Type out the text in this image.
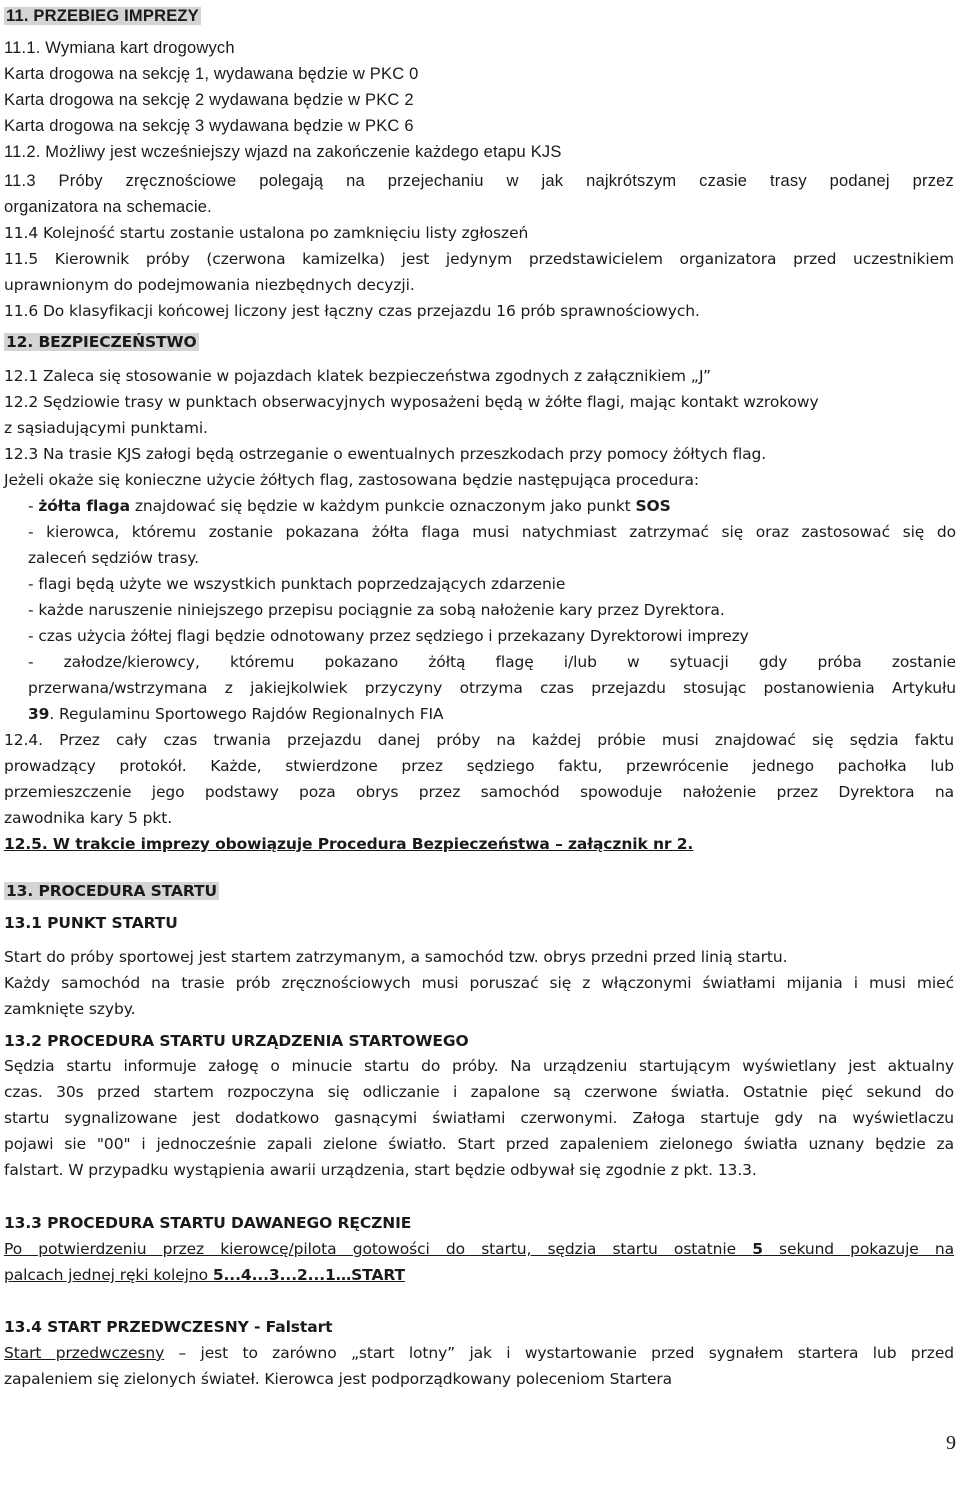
11. PRZEBIEG IMPREZY
11.1. Wymiana kart drogowych
Karta drogowa na sekcję 1, wydawana będzie w PKC 0
Karta drogowa na sekcję 2 wydawana będzie w PKC 2
Karta drogowa na sekcję 3 wydawana będzie w PKC 6
11.2. Możliwy jest wcześniejszy wjazd na zakończenie każdego etapu KJS
11.3 Próby zręcznościowe polegają na przejechaniu w jak najkrótszym czasie trasy podanej przez
organizatora na schemacie.
11.4 Kolejność startu zostanie ustalona po zamknięciu listy zgłoszeń
11.5 Kierownik próby (czerwona kamizelka) jest jedynym przedstawicielem organizatora przed uczestnikiem
uprawnionym do podejmowania niezbędnych decyzji.
11.6 Do klasyfikacji końcowej liczony jest łączny czas przejazdu 16 prób sprawnościowych.
12. BEZPIECZEŃSTWO
12.1 Zaleca się stosowanie w pojazdach klatek bezpieczeństwa zgodnych z załącznikiem „J”
12.2 Sędziowie trasy w punktach obserwacyjnych wyposażeni będą w żółte flagi, mając kontakt wzrokowy
z sąsiadującymi punktami.
12.3 Na trasie KJS załogi będą ostrzeganie o ewentualnych przeszkodach przy pomocy żółtych flag.
Jeżeli okaże się konieczne użycie żółtych flag, zastosowana będzie następująca procedura:
- żółta flaga znajdować się będzie w każdym punkcie oznaczonym jako punkt SOS
- kierowca, któremu zostanie pokazana żółta flaga musi natychmiast zatrzymać się oraz zastosować się do
zaleceń sędziów trasy.
- flagi będą użyte we wszystkich punktach poprzedzających zdarzenie
- każde naruszenie niniejszego przepisu pociągnie za sobą nałożenie kary przez Dyrektora.
- czas użycia żółtej flagi będzie odnotowany przez sędziego i przekazany Dyrektorowi imprezy
- załodze/kierowcy, któremu pokazano żółtą flagę i/lub w sytuacji gdy próba zostanie
przerwana/wstrzymana z jakiejkolwiek przyczyny otrzyma czas przejazdu stosując postanowienia Artykułu
39. Regulaminu Sportowego Rajdów Regionalnych FIA
12.4. Przez cały czas trwania przejazdu danej próby na każdej próbie musi znajdować się sędzia faktu
prowadzący protokół. Każde, stwierdzone przez sędziego faktu, przewrócenie jednego pachołka lub
przemieszczenie jego podstawy poza obrys przez samochód spowoduje nałożenie przez Dyrektora na
zawodnika kary 5 pkt.
12.5. W trakcie imprezy obowiązuje Procedura Bezpieczeństwa – załącznik nr 2.
13. PROCEDURA STARTU
13.1 PUNKT STARTU
Start do próby sportowej jest startem zatrzymanym, a samochód tzw. obrys przedni przed linią startu.
Każdy samochód na trasie prób zręcznościowych musi poruszać się z włączonymi światłami mijania i musi mieć
zamknięte szyby.
13.2 PROCEDURA STARTU URZĄDZENIA STARTOWEGO
Sędzia startu informuje załogę o minucie startu do próby. Na urządzeniu startującym wyświetlany jest aktualny
czas. 30s przed startem rozpoczyna się odliczanie i zapalone są czerwone światła. Ostatnie pięć sekund do
startu sygnalizowane jest dodatkowo gasnącymi światłami czerwonymi. Załoga startuje gdy na wyświetlaczu
pojawi sie "00" i jednocześnie zapali zielone światło. Start przed zapaleniem zielonego światła uznany będzie za
falstart. W przypadku wystąpienia awarii urządzenia, start będzie odbywał się zgodnie z pkt. 13.3.
13.3 PROCEDURA STARTU DAWANEGO RĘCZNIE
Po potwierdzeniu przez kierowcę/pilota gotowości do startu, sędzia startu ostatnie 5 sekund pokazuje na
palcach jednej ręki kolejno 5...4...3...2...1…START
13.4 START PRZEDWCZESNY - Falstart
Start przedwczesny – jest to zarówno „start lotny” jak i wystartowanie przed sygnałem startera lub przed
zapaleniem się zielonych świateł. Kierowca jest podporządkowany poleceniom Startera
9
